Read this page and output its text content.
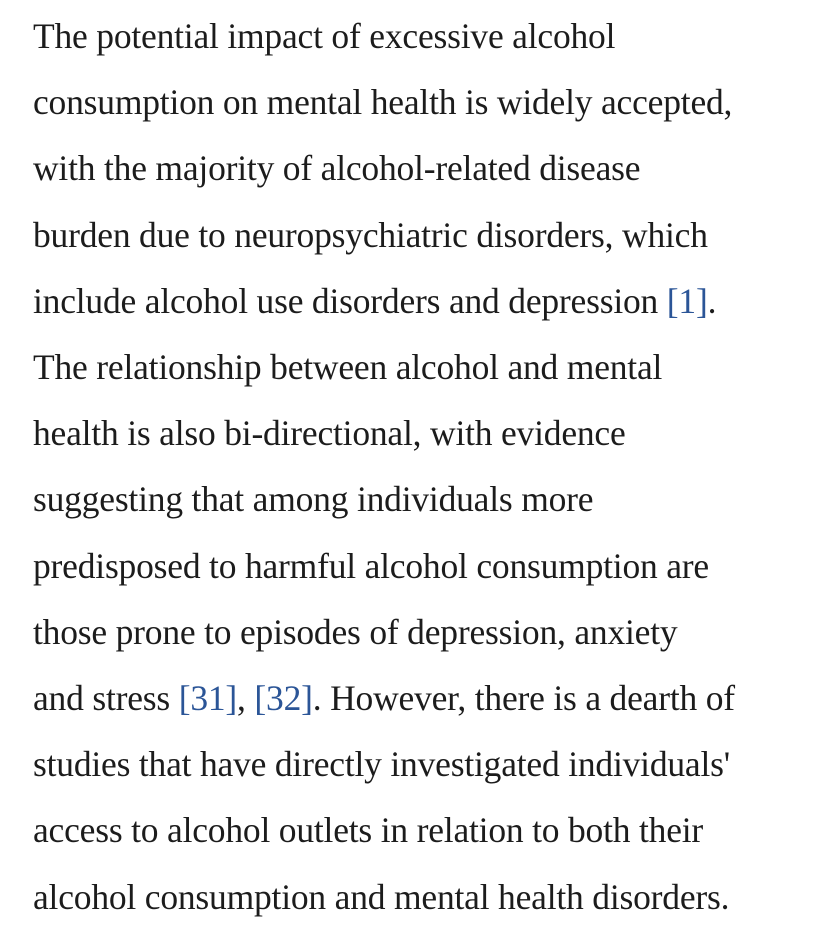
The potential impact of excessive alcohol
consumption on mental health is widely accepted,
with the majority of alcohol-related disease
burden due to neuropsychiatric disorders, which
include alcohol use disorders and depression [1].
The relationship between alcohol and mental
health is also bi-directional, with evidence
suggesting that among individuals more
predisposed to harmful alcohol consumption are
those prone to episodes of depression, anxiety
and stress [31], [32]. However, there is a dearth of
studies that have directly investigated individuals'
access to alcohol outlets in relation to both their
alcohol consumption and mental health disorders.
